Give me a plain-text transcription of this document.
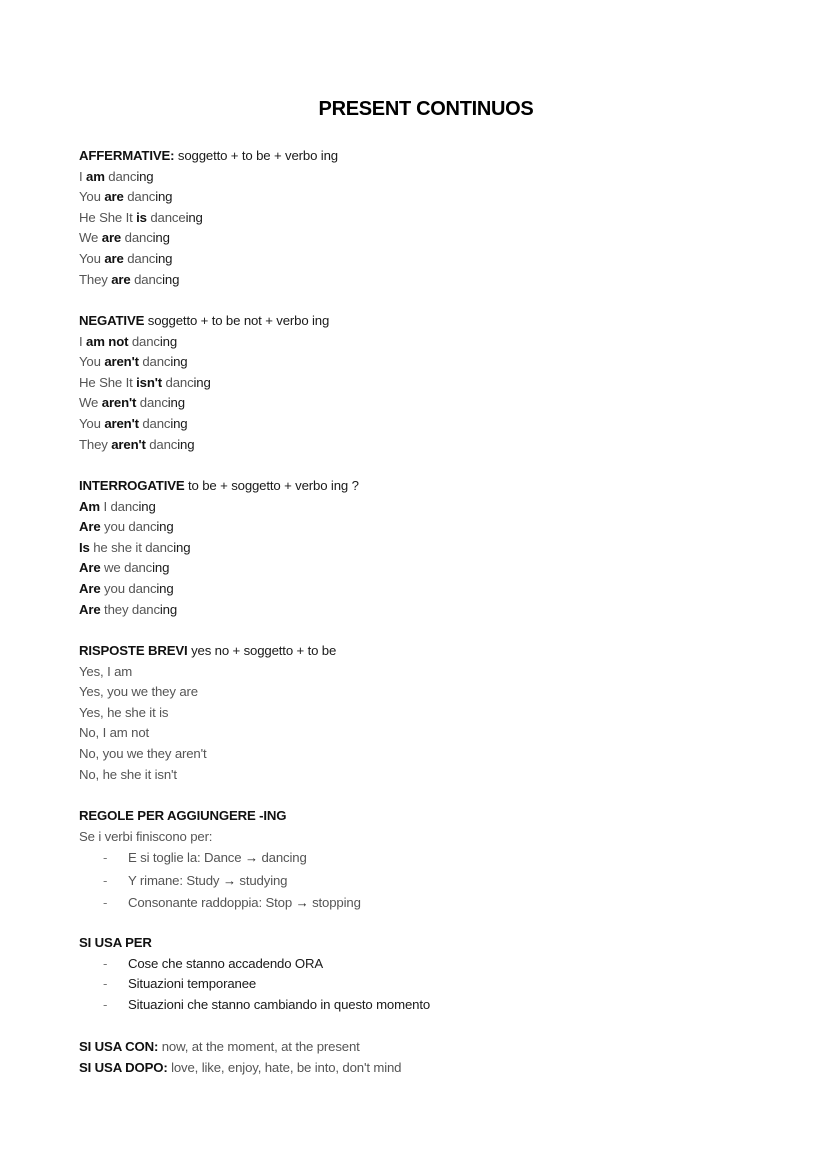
PRESENT CONTINUOS
AFFERMATIVE: soggetto + to be + verbo ing
I am dancing
You are dancing
He She It is danceing
We are dancing
You are dancing
They are dancing
NEGATIVE soggetto + to be not + verbo ing
I am not dancing
You aren't dancing
He She It isn't dancing
We aren't dancing
You aren't dancing
They aren't dancing
INTERROGATIVE to be + soggetto + verbo ing ?
Am I dancing
Are you dancing
Is he she it dancing
Are we dancing
Are you dancing
Are they dancing
RISPOSTE BREVI yes no + soggetto + to be
Yes, I am
Yes, you we they are
Yes, he she it is
No, I am not
No, you we they aren't
No, he she it isn't
REGOLE PER AGGIUNGERE -ING
Se i verbi finiscono per:
- E si toglie la: Dance → dancing
- Y rimane: Study → studying
- Consonante raddoppia: Stop → stopping
SI USA PER
- Cose che stanno accadendo ORA
- Situazioni temporanee
- Situazioni che stanno cambiando in questo momento
SI USA CON: now, at the moment, at the present
SI USA DOPO: love, like, enjoy, hate, be into, don't mind
